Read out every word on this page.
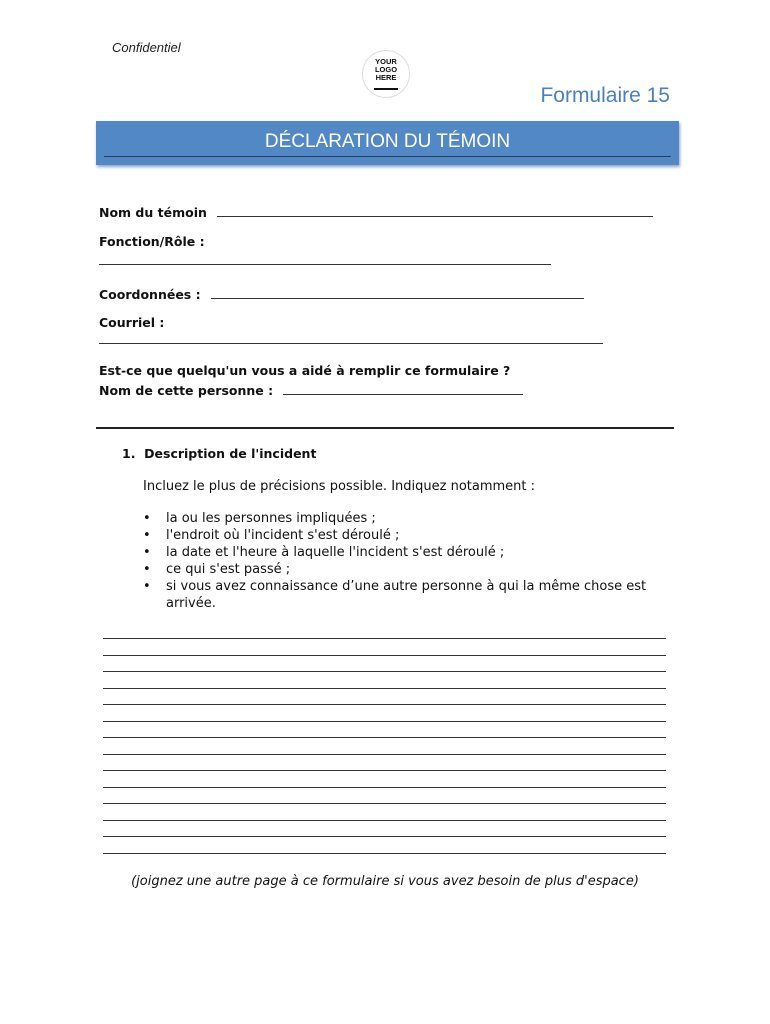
Confidentiel
YOUR LOGO HERE
Formulaire 15
DÉCLARATION DU TÉMOIN
Nom du témoin
Fonction/Rôle :
Coordonnées :
Courriel :
Est-ce que quelqu'un vous a aidé à remplir ce formulaire ?
Nom de cette personne :
1.  Description de l'incident
Incluez le plus de précisions possible. Indiquez notamment :
• la ou les personnes impliquées ;
• l'endroit où l'incident s'est déroulé ;
• la date et l'heure à laquelle l'incident s'est déroulé ;
• ce qui s'est passé ;
• si vous avez connaissance d’une autre personne à qui la même chose est arrivée.
(joignez une autre page à ce formulaire si vous avez besoin de plus d'espace)
